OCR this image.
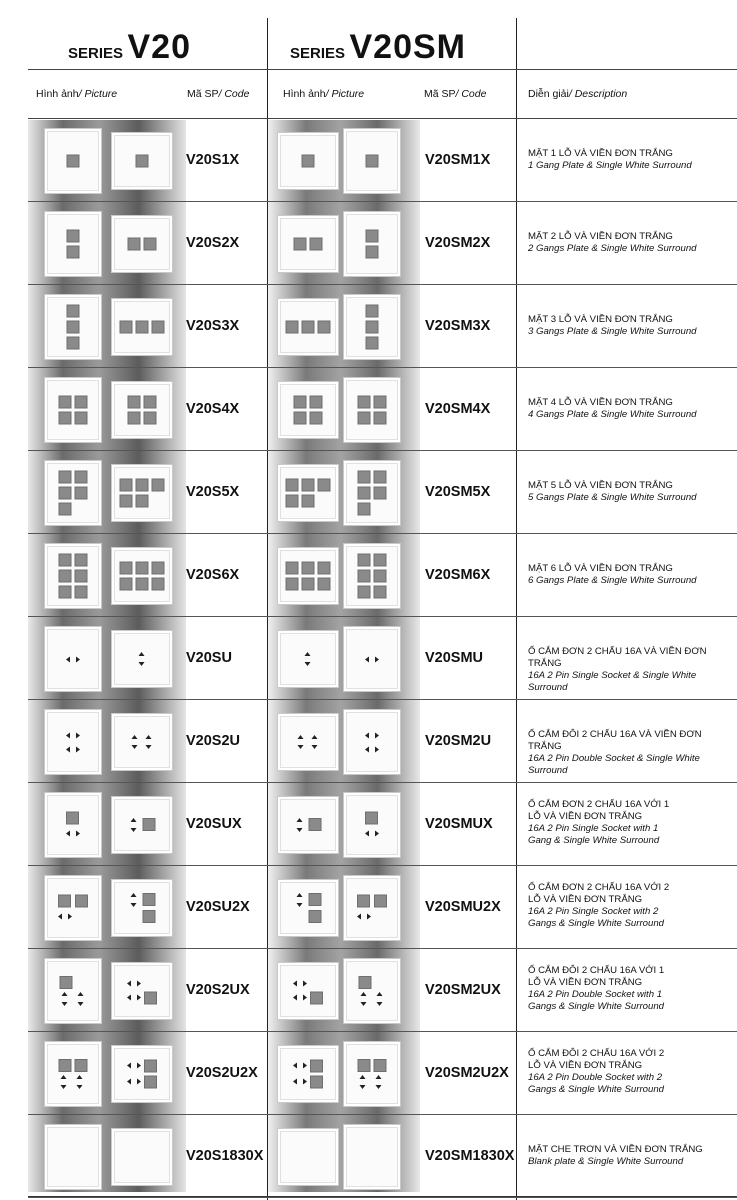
SERIES V20	SERIES V20SM
Hình ảnh/ Picture	Mã SP/ Code	Hình ảnh/ Picture	Mã SP/ Code	Diễn giải/ Description
V20S1X	V20SM1X	MẶT 1 LỖ VÀ VIỀN ĐƠN TRẮNG
1 Gang Plate & Single White Surround
V20S2X	V20SM2X	MẶT 2 LỖ VÀ VIỀN ĐƠN TRẮNG
2 Gangs Plate & Single White Surround
V20S3X	V20SM3X	MẶT 3 LỖ VÀ VIỀN ĐƠN TRẮNG
3 Gangs Plate & Single White Surround
V20S4X	V20SM4X	MẶT 4 LỖ VÀ VIỀN ĐƠN TRẮNG
4 Gangs Plate & Single White Surround
V20S5X	V20SM5X	MẶT 5 LỖ VÀ VIỀN ĐƠN TRẮNG
5 Gangs Plate & Single White Surround
V20S6X	V20SM6X	MẶT 6 LỖ VÀ VIỀN ĐƠN TRẮNG
6 Gangs Plate & Single White Surround
V20SU	V20SMU	Ổ CẮM ĐƠN 2 CHẤU 16A VÀ VIỀN ĐƠN TRẮNG
16A 2 Pin Single Socket & Single White Surround
V20S2U	V20SM2U	Ổ CẮM ĐÔI 2 CHẤU 16A VÀ VIỀN ĐƠN TRẮNG
16A 2 Pin Double Socket & Single White Surround
V20SUX	V20SMUX
Ổ CẮM ĐƠN 2 CHẤU 16A VỚI 1 LỖ VÀ VIỀN ĐƠN TRẮNG
16A 2 Pin Single Socket with 1 Gang & Single White Surround
V20SU2X	V20SMU2X
Ổ CẮM ĐƠN 2 CHẤU 16A VỚI 2 LỖ VÀ VIỀN ĐƠN TRẮNG
16A 2 Pin Single Socket with 2 Gangs & Single White Surround
V20S2UX	V20SM2UX
Ổ CẮM ĐÔI 2 CHẤU 16A VỚI 1 LỖ VÀ VIỀN ĐƠN TRẮNG
16A 2 Pin Double Socket with 1 Gangs & Single White Surround
V20S2U2X	V20SM2U2X
Ổ CẮM ĐÔI 2 CHẤU 16A VỚI 2 LỖ VÀ VIỀN ĐƠN TRẮNG
16A 2 Pin Double Socket with 2 Gangs & Single White Surround
V20S1830X	V20SM1830X MẶT CHE TRƠN VÀ VIỀN ĐƠN TRẮNG
Blank plate & Single White Surround
